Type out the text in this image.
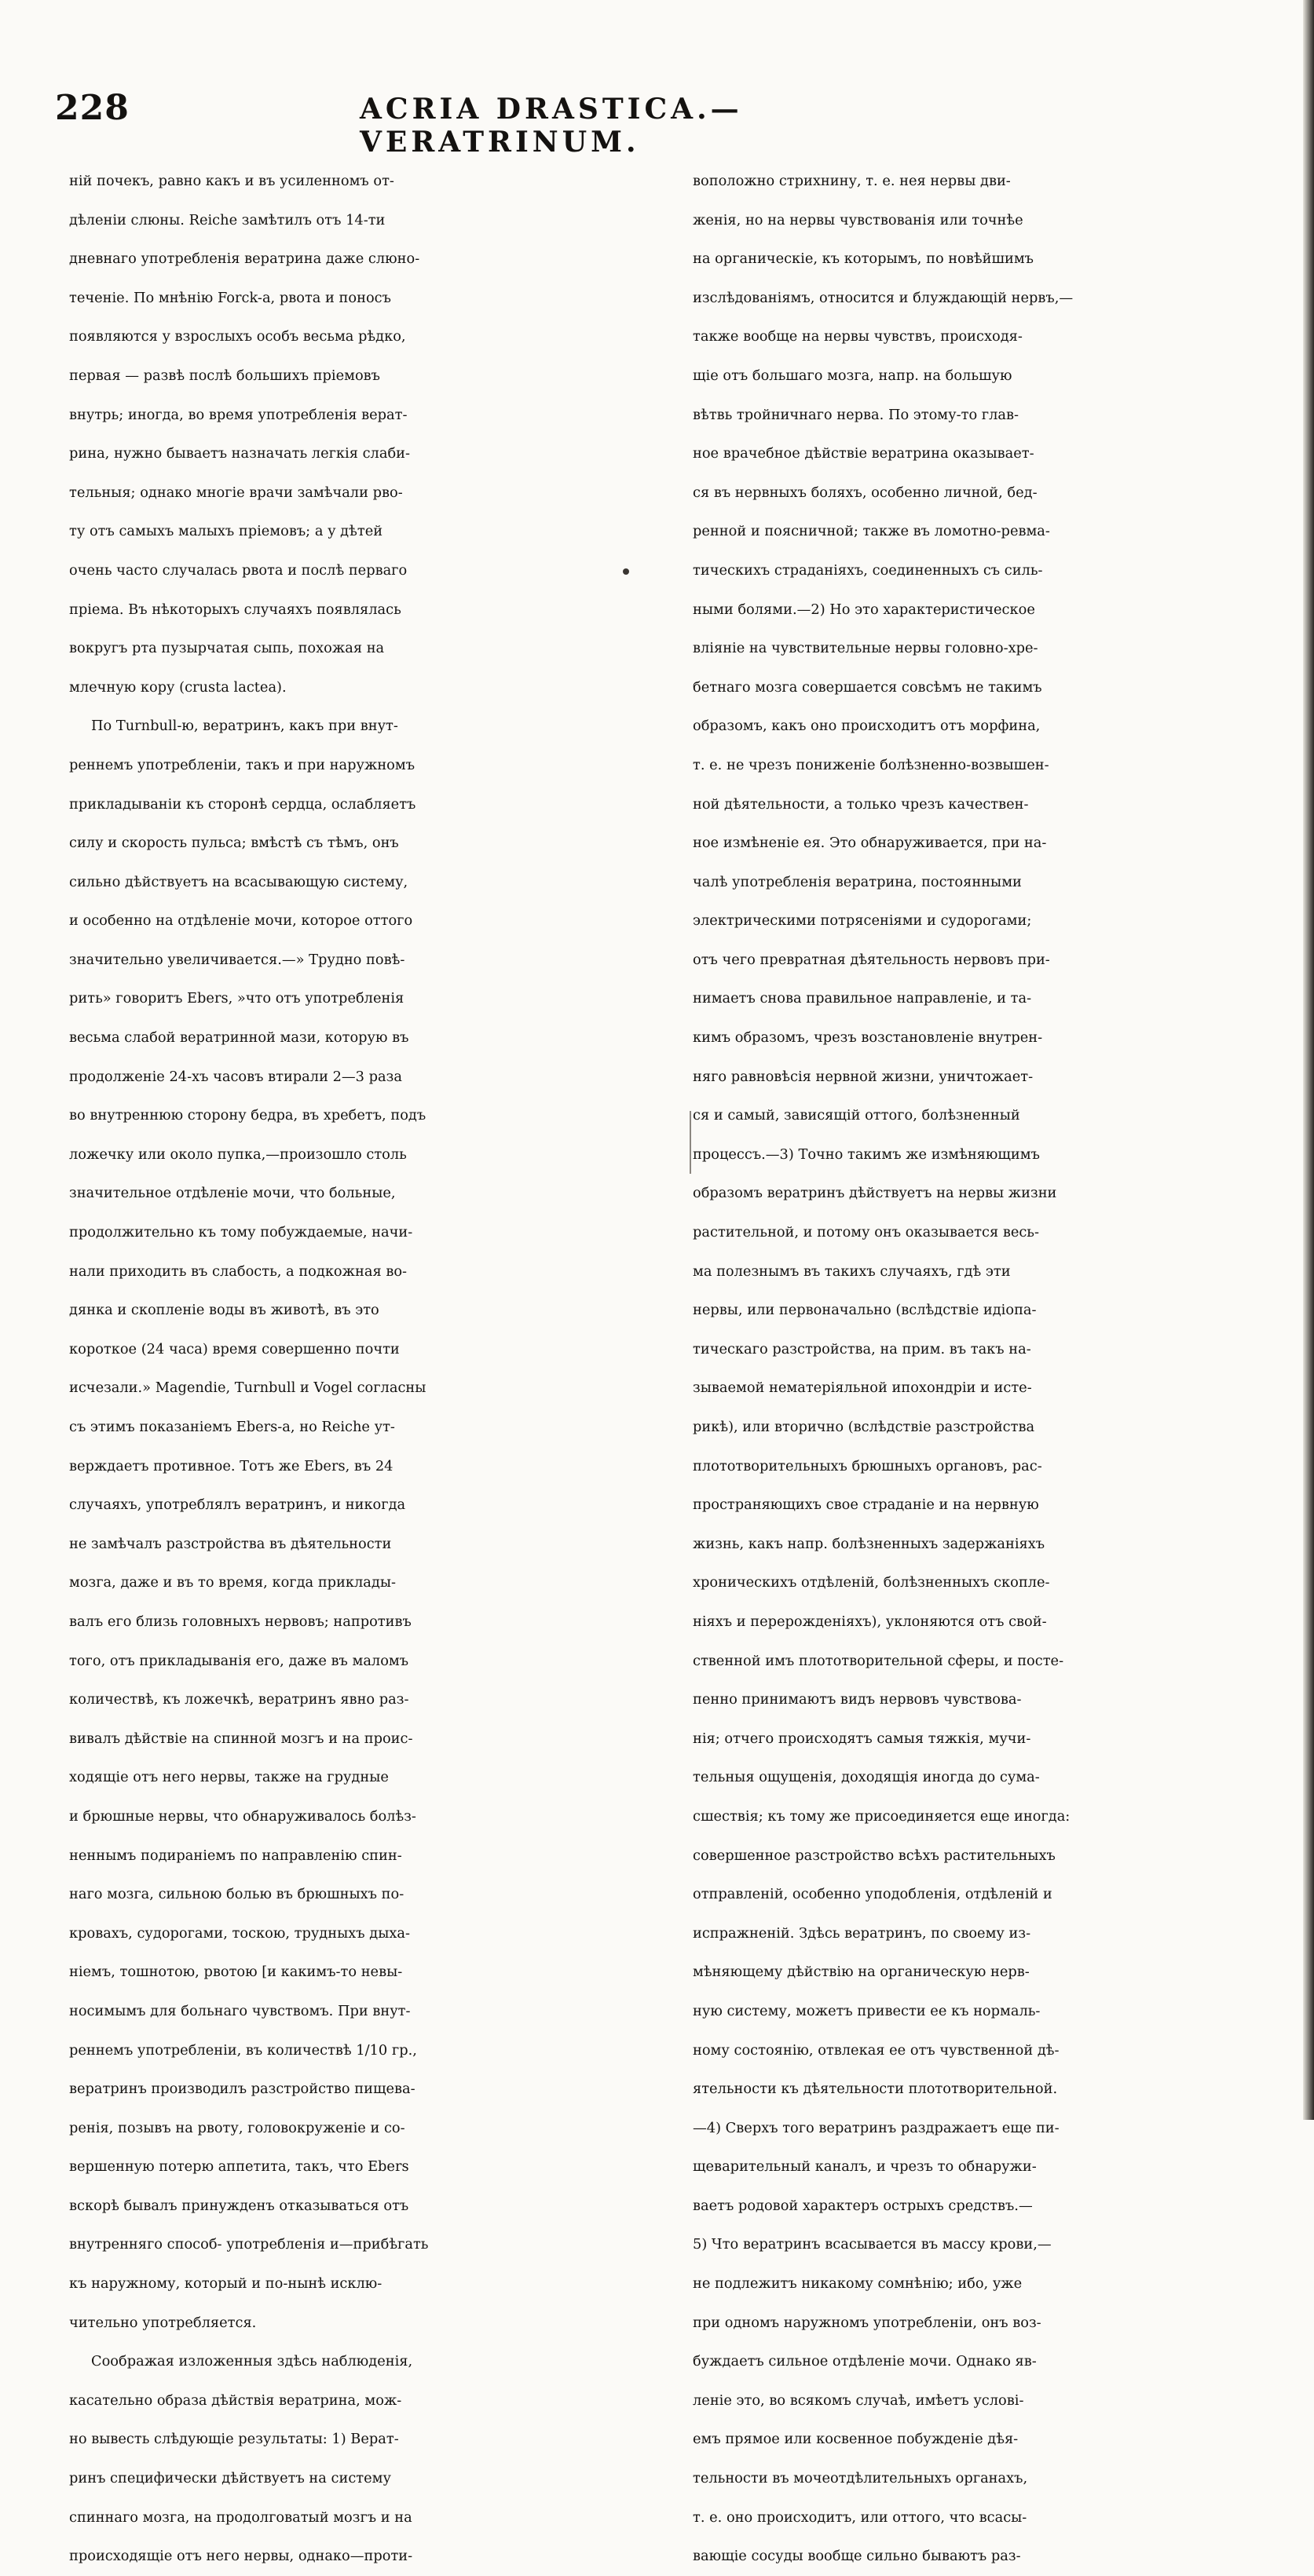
228	ACRIA DRASTICA.—VERATRINUM.
ній почекъ, равно какъ и въ усиленномъ от-
дѣленіи слюны. Reiche замѣтилъ отъ 14-ти
дневнаго употребленія вератрина даже слюно-
теченіе. По мнѣнію Forck-а, рвота и поносъ
появляются у взрослыхъ особъ весьма рѣдко,
первая — развѣ послѣ большихъ пріемовъ
внутрь; иногда, во время употребленія верат-
рина, нужно бываетъ назначать легкія слаби-
тельныя; однако многіе врачи замѣчали рво-
ту отъ самыхъ малыхъ пріемовъ; а у дѣтей
очень часто случалась рвота и послѣ перваго
пріема. Въ нѣкоторыхъ случаяхъ появлялась
вокругъ рта пузырчатая сыпь, похожая на
млечную кору (crusta lactea).
По Turnbull-ю, вератринъ, какъ при внут-
реннемъ употребленіи, такъ и при наружномъ
прикладываніи къ сторонѣ сердца, ослабляетъ
силу и скорость пульса; вмѣстѣ съ тѣмъ, онъ
сильно дѣйствуетъ на всасывающую систему,
и особенно на отдѣленіе мочи, которое оттого
значительно увеличивается.—» Трудно повѣ-
рить» говоритъ Ebers, »что отъ употребленія
весьма слабой вератринной мази, которую въ
продолженіе 24-хъ часовъ втирали 2—3 раза
во внутреннюю сторону бедра, въ хребетъ, подъ
ложечку или около пупка,—произошло столь
значительное отдѣленіе мочи, что больные,
продолжительно къ тому побуждаемые, начи-
нали приходить въ слабость, а подкожная во-
дянка и скопленіе воды въ животѣ, въ это
короткое (24 часа) время совершенно почти
исчезали.» Magendie, Turnbull и Vogel согласны
съ этимъ показаніемъ Ebers-а, но Reiche ут-
верждаетъ противное. Тотъ же Ebers, въ 24
случаяхъ, употреблялъ вератринъ, и никогда
не замѣчалъ разстройства въ дѣятельности
мозга, даже и въ то время, когда приклады-
валъ его близь головныхъ нервовъ; напротивъ
того, отъ прикладыванія его, даже въ маломъ
количествѣ, къ ложечкѣ, вератринъ явно раз-
вивалъ дѣйствіе на спинной мозгъ и на проис-
ходящіе отъ него нервы, также на грудные
и брюшные нервы, что обнаруживалось болѣз-
неннымъ подираніемъ по направленію спин-
наго мозга, сильною болью въ брюшныхъ по-
кровахъ, судорогами, тоскою, трудныхъ дыха-
ніемъ, тошнотою, рвотою [и какимъ-то невы-
носимымъ для больнаго чувствомъ. При внут-
реннемъ употребленіи, въ количествѣ 1/10 гр.,
вератринъ производилъ разстройство пищева-
ренія, позывъ на рвоту, головокруженіе и со-
вершенную потерю аппетита, такъ, что Ebers
вскорѣ бывалъ принужденъ отказываться отъ
внутренняго способ- употребленія и—прибѣгать
къ наружному, который и по-нынѣ исклю-
чительно употребляется.
Соображая изложенныя здѣсь наблюденія,
касательно образа дѣйствія вератрина, мож-
но вывесть слѣдующіе результаты: 1) Верат-
ринъ специфически дѣйствуетъ на систему
спиннаго мозга, на продолговатый мозгъ и на
происходящіе отъ него нервы, однако—проти-
воположно стрихнину, т. е. нея нервы дви-
женія, но на нервы чувствованія или точнѣе
на органическіе, къ которымъ, по новѣйшимъ
изслѣдованіямъ, относится и блуждающій нервъ,—
также вообще на нервы чувствъ, происходя-
щіе отъ большаго мозга, напр. на большую
вѣтвь тройничнаго нерва. По этому-то глав-
ное врачебное дѣйствіе вератрина оказывает-
ся въ нервныхъ боляхъ, особенно личной, бед-
ренной и поясничной; также въ ломотно-ревма-
тическихъ страданіяхъ, соединенныхъ съ силь-
ными болями.—2) Но это характеристическое
вліяніе на чувствительные нервы головно-хре-
бетнаго мозга совершается совсѣмъ не такимъ
образомъ, какъ оно происходитъ отъ морфина,
т. е. не чрезъ пониженіе болѣзненно-возвышен-
ной дѣятельности, а только чрезъ качествен-
ное измѣненіе ея. Это обнаруживается, при на-
чалѣ употребленія вератрина, постоянными
электрическими потрясеніями и судорогами;
отъ чего превратная дѣятельность нервовъ при-
нимаетъ снова правильное направленіе, и та-
кимъ образомъ, чрезъ возстановленіе внутрен-
няго равновѣсія нервной жизни, уничтожает-
ся и самый, зависящій оттого, болѣзненный
процессъ.—3) Точно такимъ же измѣняющимъ
образомъ вератринъ дѣйствуетъ на нервы жизни
растительной, и потому онъ оказывается весь-
ма полезнымъ въ такихъ случаяхъ, гдѣ эти
нервы, или первоначально (вслѣдствіе идіопа-
тическаго разстройства, на прим. въ такъ на-
зываемой нематеріяльной ипохондріи и истe-
рикѣ), или вторично (вслѣдствіе разстройства
плототворительныхъ брюшныхъ органовъ, рас-
пространяющихъ свое страданіе и на нервную
жизнь, какъ напр. болѣзненныхъ задержаніяхъ
хроническихъ отдѣленій, болѣзненныхъ скопле-
ніяхъ и перерожденіяхъ), уклоняются отъ свой-
ственной имъ плототворительной сферы, и посте-
пенно принимаютъ видъ нервовъ чувствова-
нія; отчего происходятъ самыя тяжкія, мучи-
тельныя ощущенія, доходящія иногда до сума-
сшествія; къ тому же присоединяется еще иногда:
совершенное разстройство всѣхъ растительныхъ
отправленій, особенно уподобленія, отдѣленій и
испражненій. Здѣсь вератринъ, по своему из-
мѣняющему дѣйствію на органическую нерв-
ную систему, можетъ привести ее къ нормаль-
ному состоянію, отвлекая ее отъ чувственной дѣ-
ятельности къ дѣятельности плототворительной.
—4) Сверхъ того вератринъ раздражаетъ еще пи-
щеварительный каналъ, и чрезъ то обнаружи-
ваетъ родовой характеръ острыхъ средствъ.—
5) Что вератринъ всасывается въ массу крови,—
не подлежитъ никакому сомнѣнію; ибо, уже
при одномъ наружномъ употребленіи, онъ воз-
буждаетъ сильное отдѣленіе мочи. Однако яв-
леніе это, во всякомъ случаѣ, имѣетъ услові-
емъ прямое или косвенное побужденіе дѣя-
тельности въ мочеотдѣлительныхъ органахъ,
т. е. оно происходитъ, или оттого, что всасы-
вающіе сосуды вообще сильно бываютъ раз-
